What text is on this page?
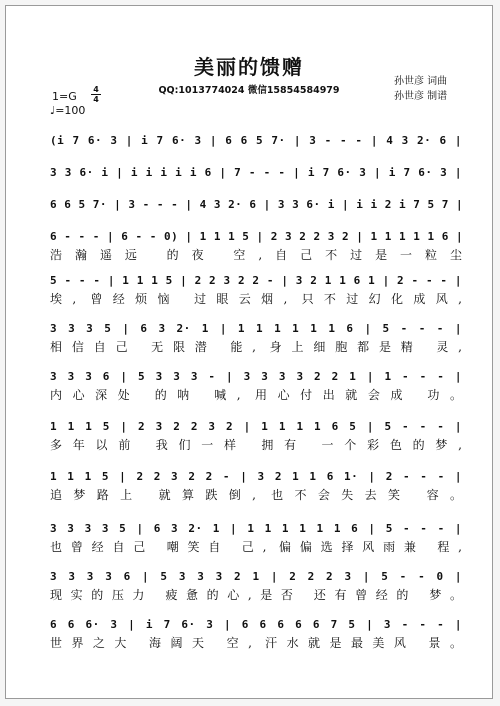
美丽的馈赠
QQ:1013774024 微信15854584979
孙世彦 词曲
孙世彦 制谱
1=G
4
4
♩=100
(i 7 6· 3 | i 7 6· 3 | 6 6 5 7· | 3 - - - | 4 3 2· 6 |
3 3 6· i | i i i i i 6 | 7 - - - | i 7 6· 3 | i 7 6· 3 |
6 6 5 7· | 3 - - - | 4 3 2· 6 | 3 3 6· i | i i 2 i 7 5 7 |
6 - - - | 6 - - 0) | 1 1 1 5 | 2 3 2 2 3 2 | 1 1 1 1 1 6 |
浩瀚遥远 的夜 空,自己不过是一粒尘
5 - - - | 1 1 1 5 | 2 2 3 2 2 - | 3 2 1 1 6 1 | 2 - - - |
埃, 曾经烦恼 过眼云烟, 只不过幻化成风,
3 3 3 5 | 6 3 2· 1 | 1 1 1 1 1 1 6 | 5 - - - |
相信自己 无限潜 能, 身上细胞都是精 灵,
3 3 3 6 | 5 3 3 3 - | 3 3 3 3 2 2 1 | 1 - - - |
内心深处 的呐 喊, 用心付出就会成 功。
1 1 1 5 | 2 3 2 2 3 2 | 1 1 1 1 6 5 | 5 - - - |
多年以前 我们一样 拥有 一个彩色的梦,
1 1 1 5 | 2 2 3 2 2 - | 3 2 1 1 6 1· | 2 - - - |
追梦路上 就算跌倒, 也不会失去笑 容。
3 3 3 3 5 | 6 3 2· 1 | 1 1 1 1 1 1 6 | 5 - - - |
也曾经自己 嘲笑自 己, 偏偏选择风雨兼 程,
3 3 3 3 6 | 5 3 3 3 2 1 | 2 2 2 3 | 5 - - 0 |
现实的压力 疲惫的心,是否 还有曾经的 梦。
6 6 6· 3 | i 7 6· 3 | 6 6 6 6 6 7 5 | 3 - - - |
世界之大 海阔天 空, 汗水就是最美风 景。
